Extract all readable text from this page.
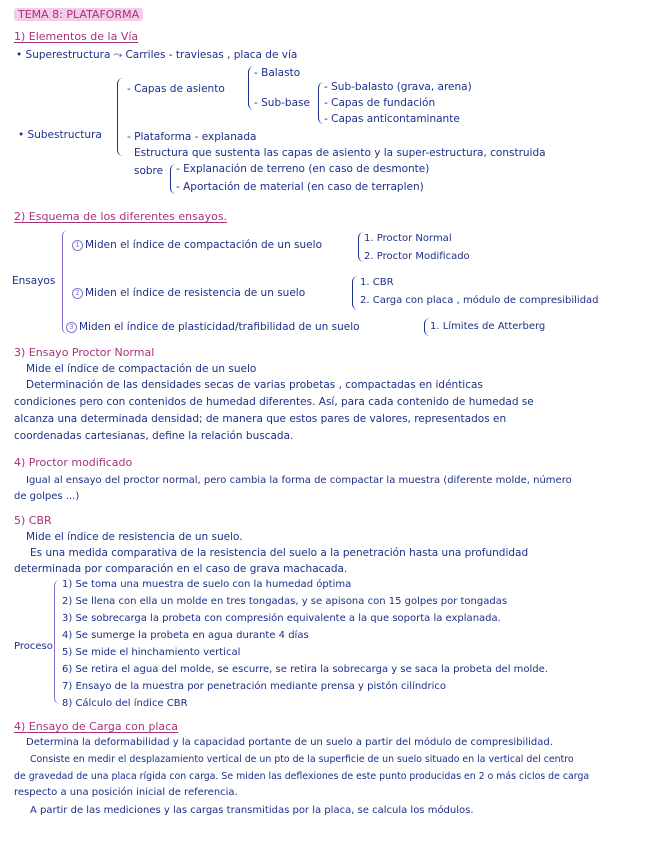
TEMA 8: PLATAFORMA
1) Elementos de la Vía
• Superestructura ⤳ Carriles - traviesas , placa de vía
• Subestructura
- Capas de asiento
- Balasto
- Sub-base
- Sub-balasto (grava, arena)
- Capas de fundación
- Capas anticontaminante
- Plataforma - explanada
Estructura que sustenta las capas de asiento y la super-estructura, construida
sobre - Explanación de terreno (en caso de desmonte)
- Aportación de material (en caso de terraplen)
2) Esquema de los diferentes ensayos.
Ensayos
1 Miden el índice de compactación de un suelo
1. Proctor Normal
2. Proctor Modificado
2 Miden el índice de resistencia de un suelo
1. CBR
2. Carga con placa , módulo de compresibilidad
3 Miden el índice de plasticidad/trafibilidad de un suelo	1. Límites de Atterberg
3) Ensayo Proctor Normal
Mide el índice de compactación de un suelo
Determinación de las densidades secas de varias probetas , compactadas en idénticas
condiciones pero con contenidos de humedad diferentes. Así, para cada contenido de humedad se
alcanza una determinada densidad; de manera que estos pares de valores, representados en
coordenadas cartesianas, define la relación buscada.
4) Proctor modificado
Igual al ensayo del proctor normal, pero cambia la forma de compactar la muestra (diferente molde, número
de golpes ...)
5) CBR
Mide el índice de resistencia de un suelo.
Es una medida comparativa de la resistencia del suelo a la penetración hasta una profundidad
determinada por comparación en el caso de grava machacada.
Proceso
1) Se toma una muestra de suelo con la humedad óptima
2) Se llena con ella un molde en tres tongadas, y se apisona con 15 golpes por tongadas
3) Se sobrecarga la probeta con compresión equivalente a la que soporta la explanada.
4) Se sumerge la probeta en agua durante 4 días
5) Se mide el hinchamiento vertical
6) Se retira el agua del molde, se escurre, se retira la sobrecarga y se saca la probeta del molde.
7) Ensayo de la muestra por penetración mediante prensa y pistón cilíndrico
8) Cálculo del índice CBR
4) Ensayo de Carga con placa
Determina la deformabilidad y la capacidad portante de un suelo a partir del módulo de compresibilidad.
Consiste en medir el desplazamiento vertical de un pto de la superficie de un suelo situado en la vertical del centro
de gravedad de una placa rígida con carga. Se miden las deflexiones de este punto producidas en 2 o más ciclos de carga
respecto a una posición inicial de referencia.
A partir de las mediciones y las cargas transmitidas por la placa, se calcula los módulos.
